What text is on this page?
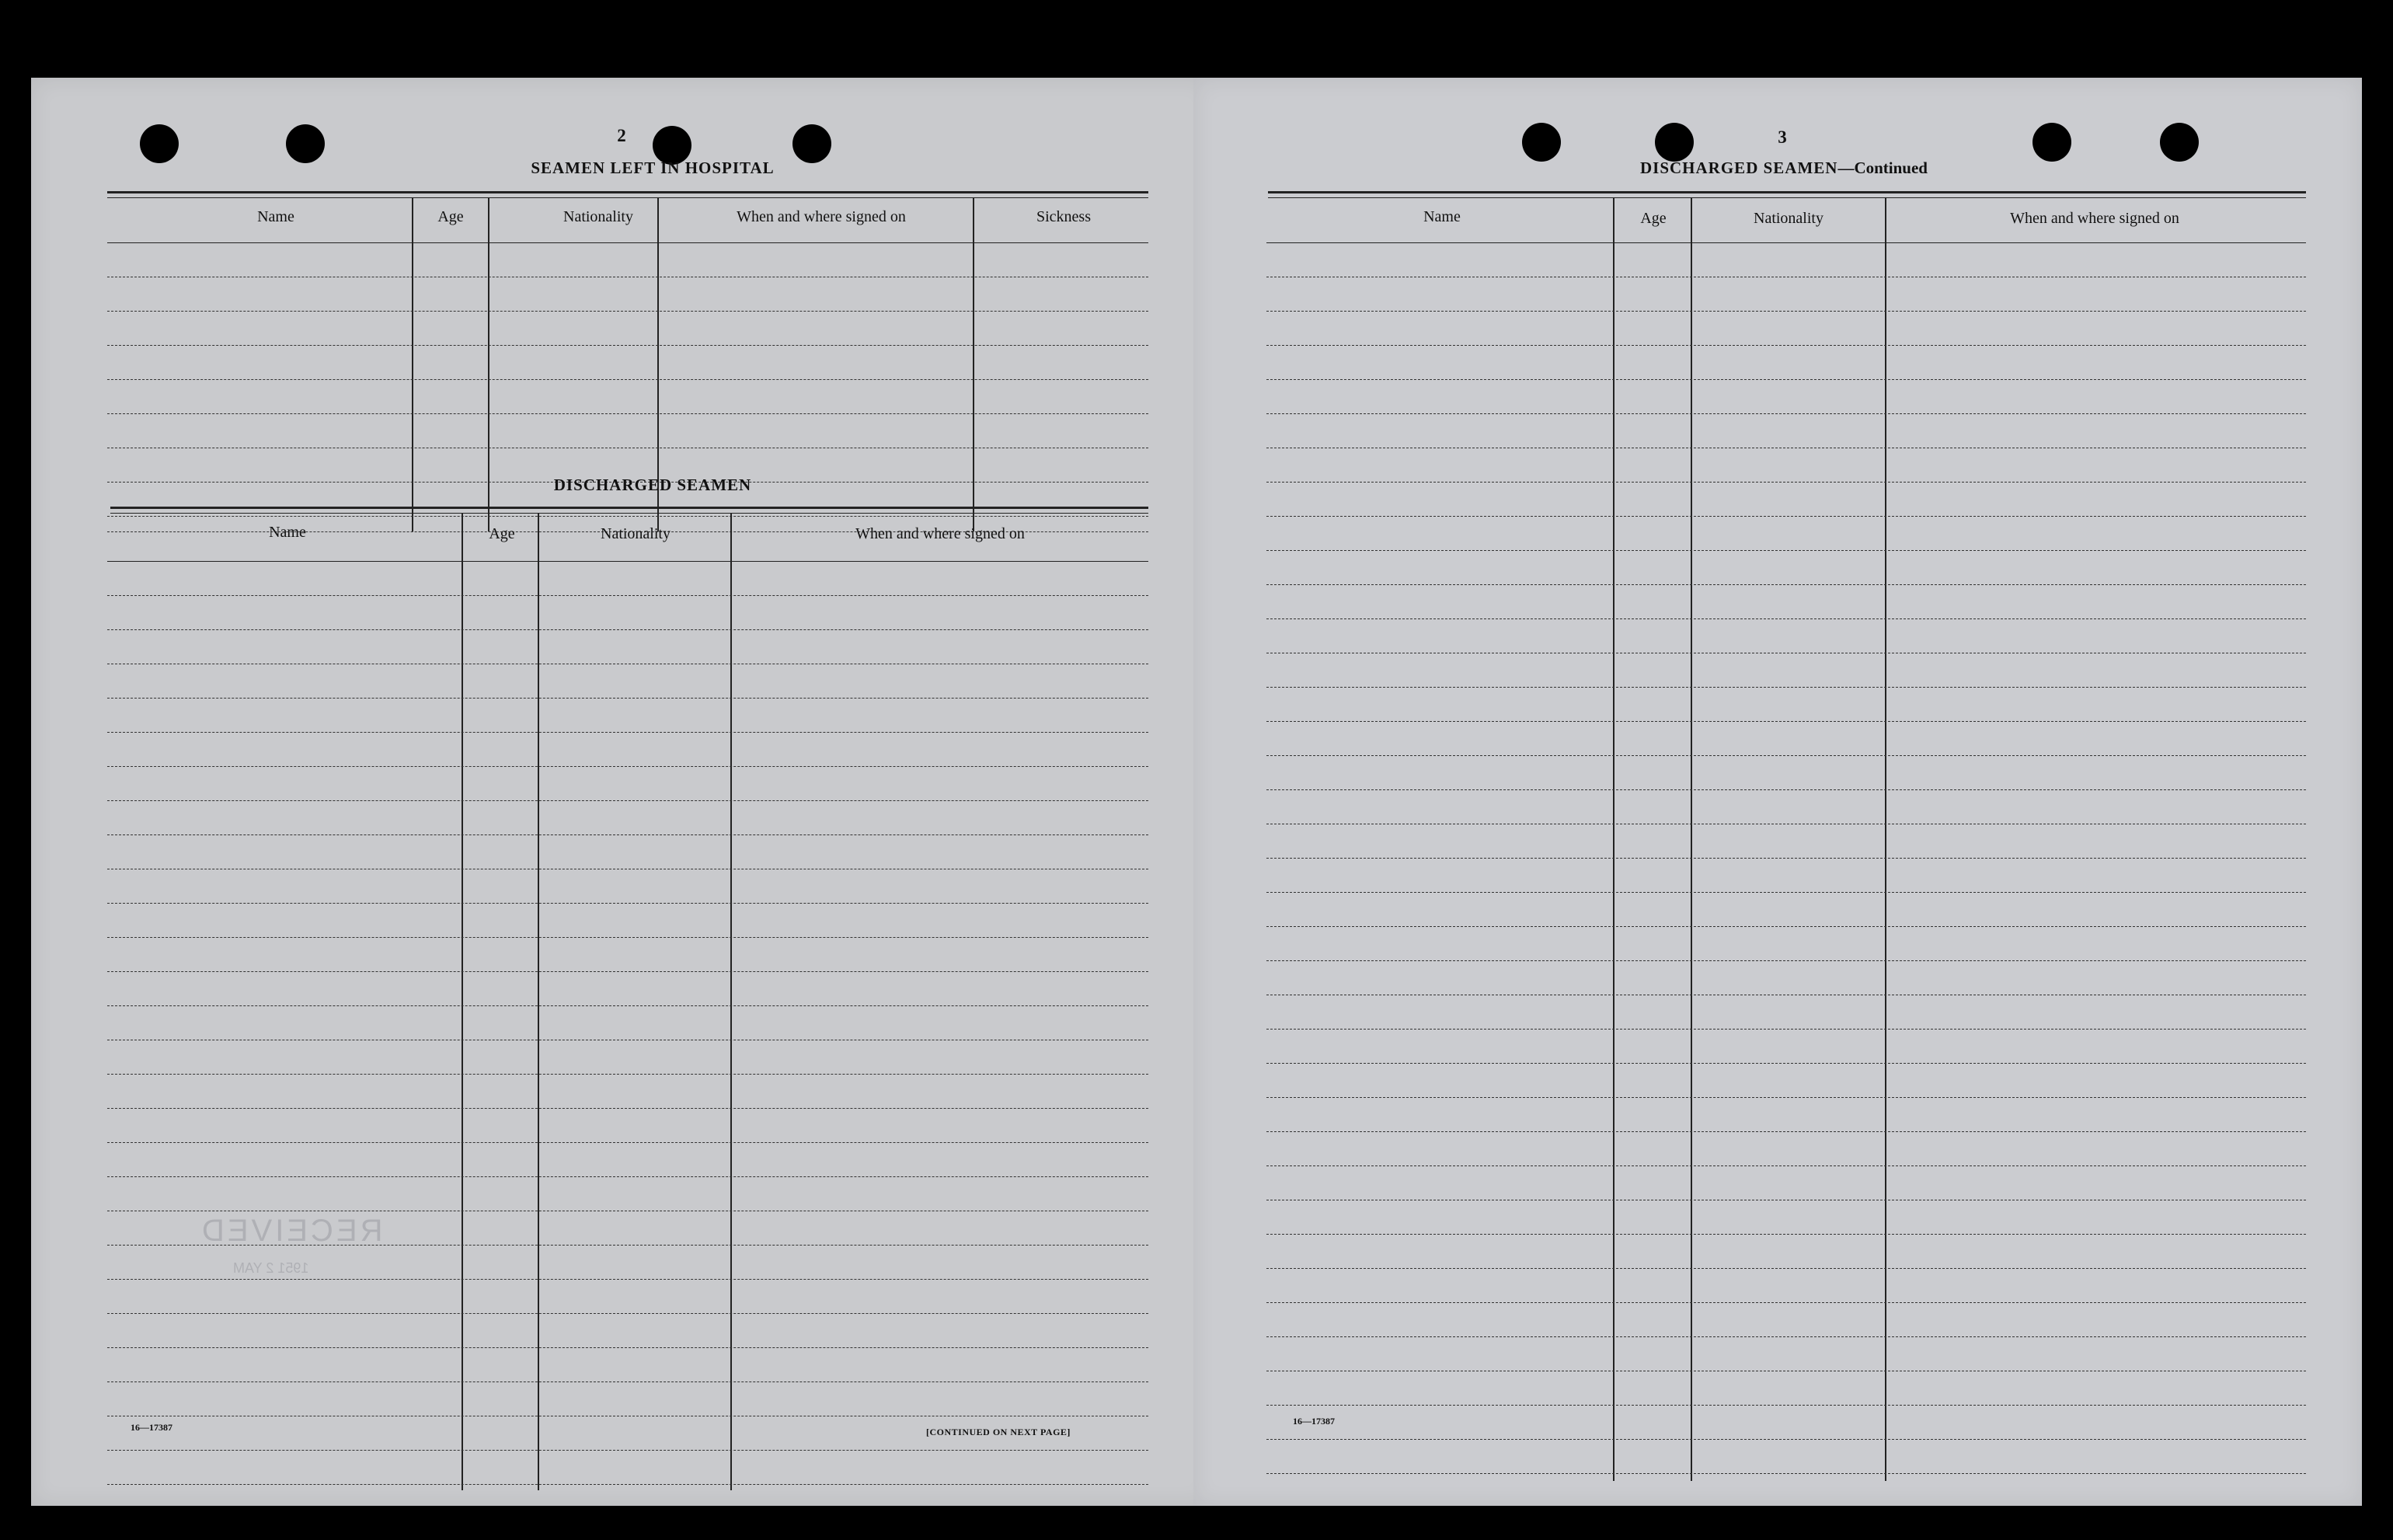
2
SEAMEN LEFT IN HOSPITAL
Name	Age	Nationality	When and where signed on	Sickness
DISCHARGED SEAMEN
Name	Age	Nationality	When and where signed on
RECEIVED
1951 2 YAM
16—17387	[CONTINUED ON NEXT PAGE]
3
DISCHARGED SEAMEN—Continued
Name	Age	Nationality	When and where signed on
16—17387
